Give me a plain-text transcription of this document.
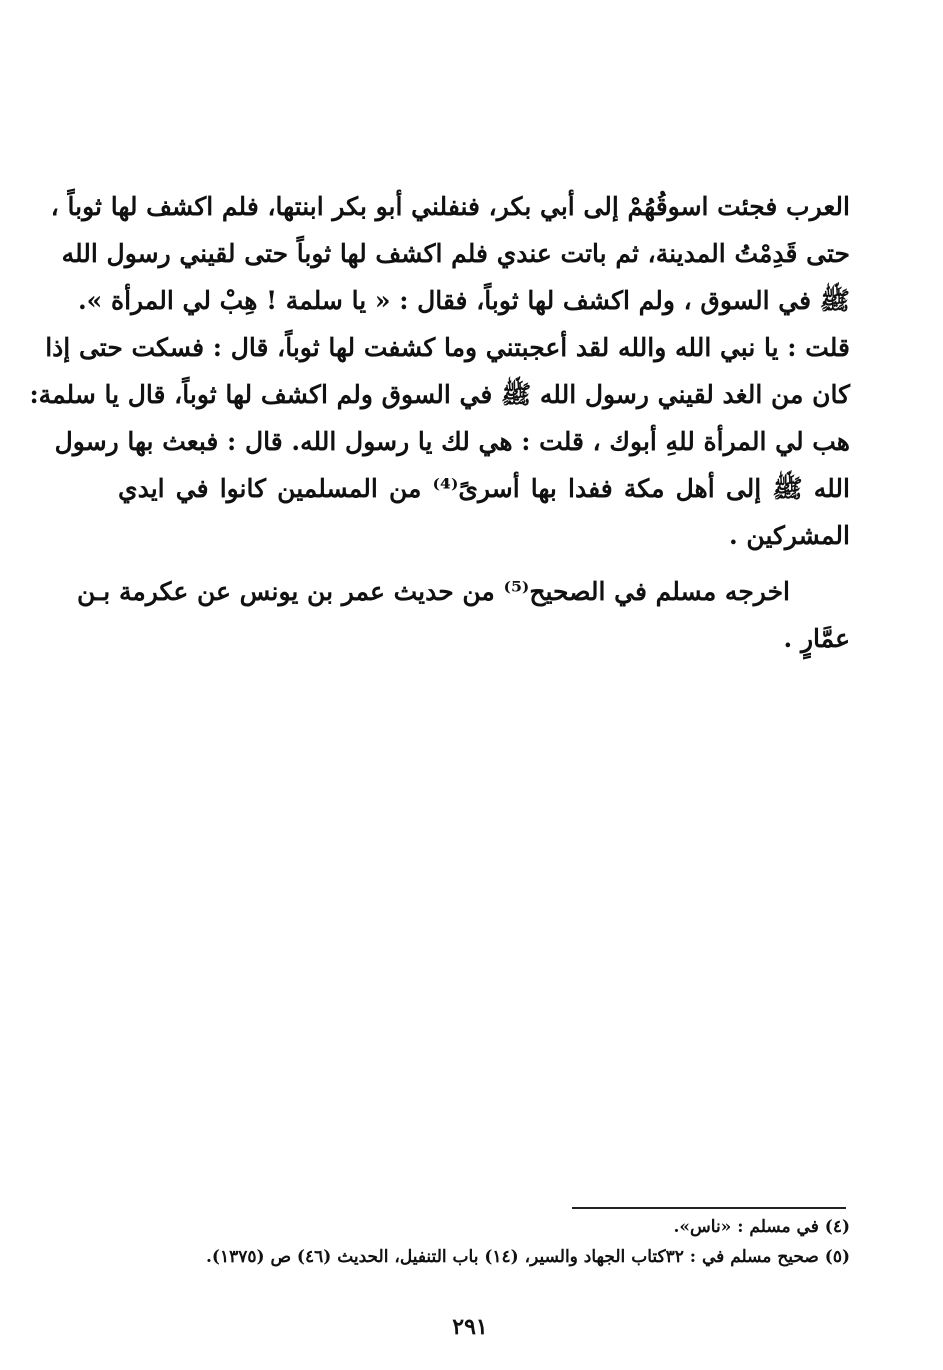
العرب فجئت اسوقُهُمْ إلى أبي بكر، فنفلني أبو بكر ابنتها، فلم اكشف لها ثوباً ،
حتى قَدِمْتُ المدينة، ثم باتت عندي فلم اكشف لها ثوباً حتى لقيني رسول الله
ﷺ في السوق ، ولم اكشف لها ثوباً، فقال : « يا سلمة ! هِبْ لي المرأة ».
قلت : يا نبي الله والله لقد أعجبتني وما كشفت لها ثوباً، قال : فسكت حتى إذا
كان من الغد لقيني رسول الله ﷺ في السوق ولم اكشف لها ثوباً، قال يا سلمة:
هب لي المرأة للهِ أبوك ، قلت : هي لك يا رسول الله. قال : فبعث بها رسول
الله ﷺ إلى أهل مكة ففدا بها أسرىً⁽⁴⁾ من المسلمين كانوا في ايدي
المشركين .
اخرجه مسلم في الصحيح⁽⁵⁾ من حديث عمر بن يونس عن عكرمة بـن
عمَّارٍ .
(٤) في مسلم : «ناس».
(٥) صحيح مسلم في : ٣٢كتاب الجهاد والسير، (١٤) باب التنفيل، الحديث (٤٦) ص (١٣٧٥).
٢٩١
